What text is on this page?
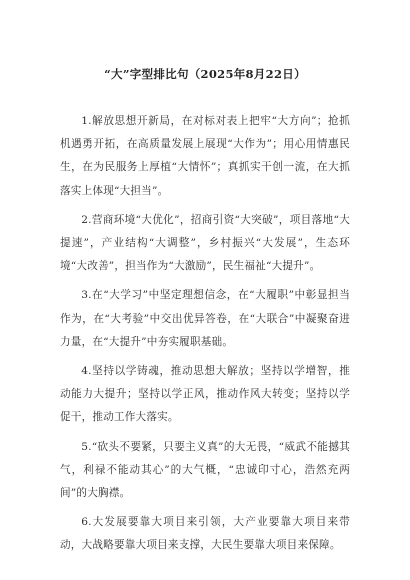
“大”字型排比句（2025年8月22日）

1.解放思想开新局，在对标对表上把牢“大方向”；抢抓机遇勇开拓，在高质量发展上展现“大作为”；用心用情惠民生，在为民服务上厚植“大情怀”；真抓实干创一流，在大抓落实上体现“大担当”。

2.营商环境“大优化”，招商引资“大突破”，项目落地“大提速”，产业结构“大调整”，乡村振兴“大发展”，生态环境“大改善”，担当作为“大激励”，民生福祉“大提升”。

3.在“大学习”中坚定理想信念，在“大履职”中彰显担当作为，在“大考验”中交出优异答卷，在“大联合”中凝聚奋进力量，在“大提升”中夯实履职基础。

4.坚持以学铸魂，推动思想大解放；坚持以学增智，推动能力大提升；坚持以学正风，推动作风大转变；坚持以学促干，推动工作大落实。

5.“砍头不要紧，只要主义真”的大无畏，“威武不能撼其气，利禄不能动其心”的大气概，“忠诚印寸心，浩然充两间”的大胸襟。

6.大发展要靠大项目来引领，大产业要靠大项目来带动，大战略要靠大项目来支撑，大民生要靠大项目来保障。
